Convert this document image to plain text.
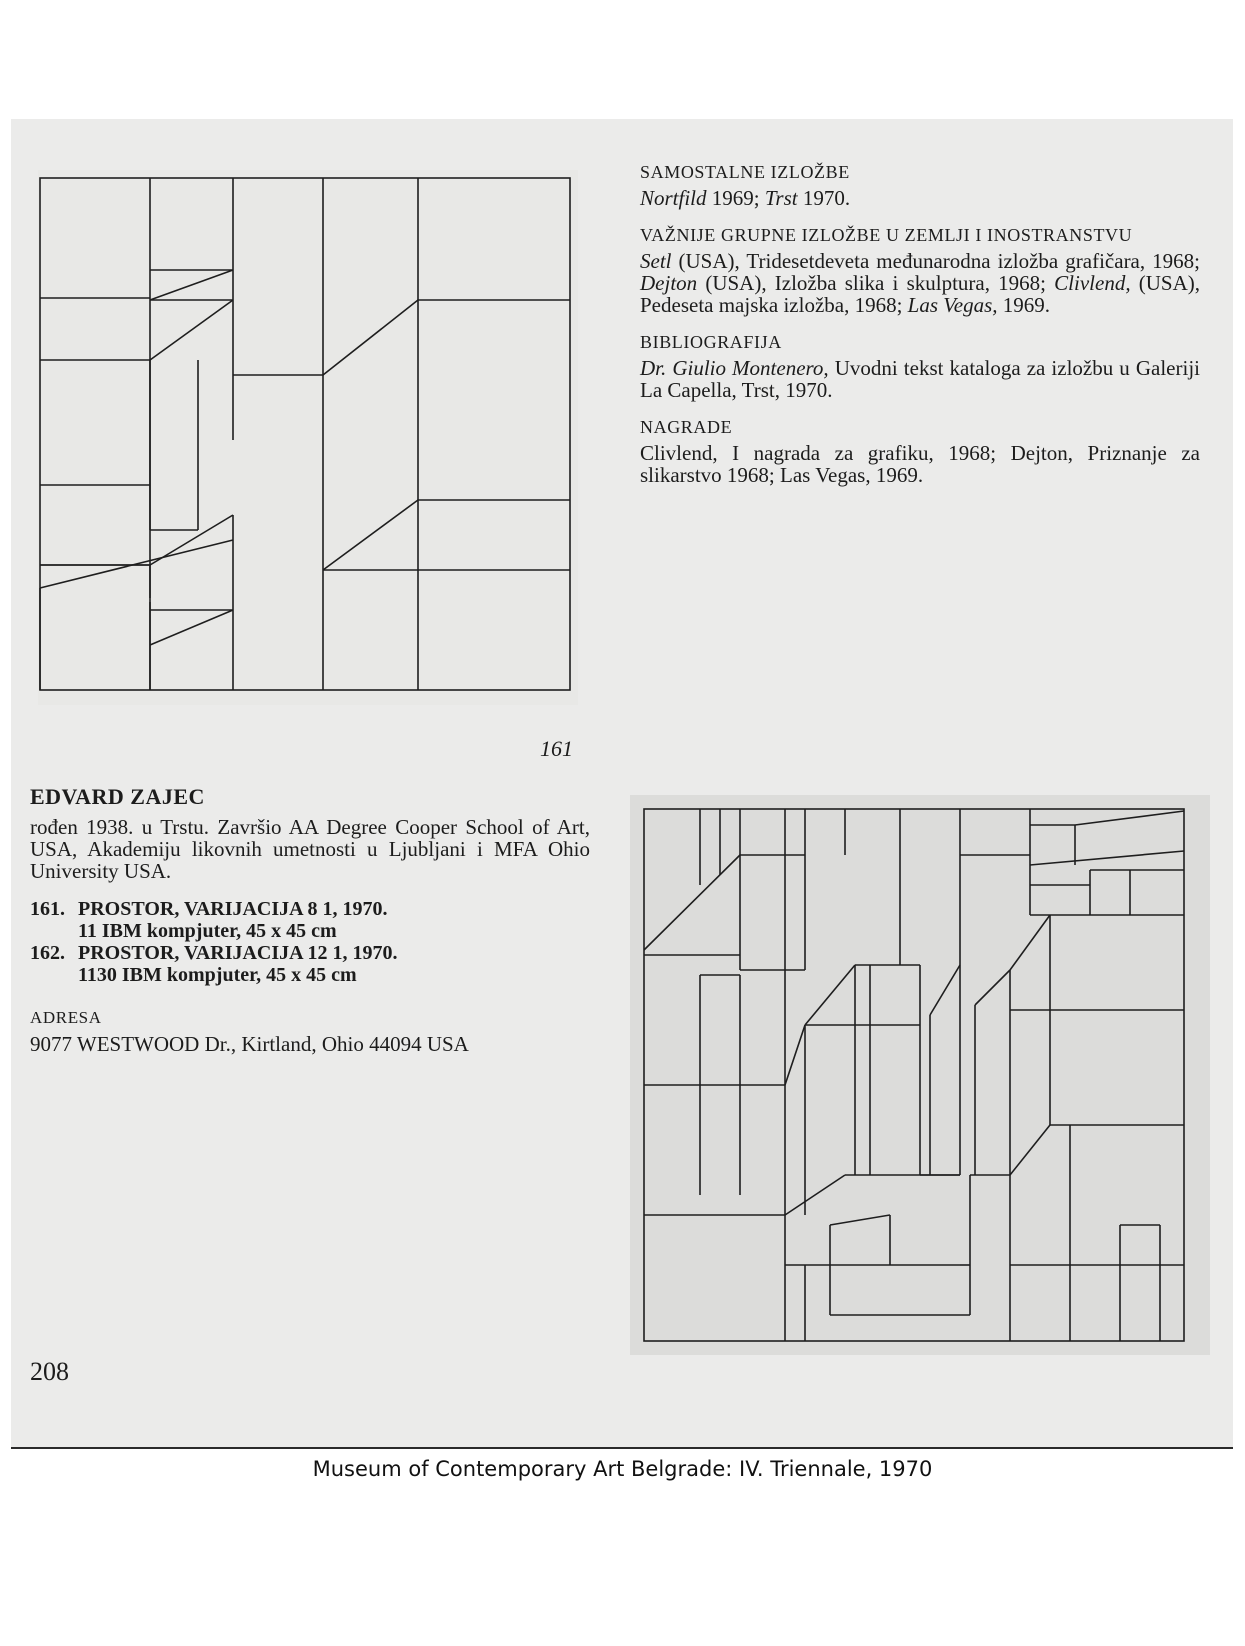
161

SAMOSTALNE IZLOŽBE

Nortfild 1969; Trst 1970.

VAŽNIJE GRUPNE IZLOŽBE U ZEMLJI I INOSTRANSTVU

Setl (USA), Tridesetdeveta međunarodna izložba grafičara, 1968; Dejton (USA), Izložba slika i skulptura, 1968; Clivlend, (USA), Pedeseta majska izložba, 1968; Las Vegas, 1969.

BIBLIOGRAFIJA

Dr. Giulio Montenero, Uvodni tekst kataloga za izložbu u Galeriji La Capella, Trst, 1970.

NAGRADE

Clivlend, I nagrada za grafiku, 1968; Dejton, Priznanje za slikarstvo 1968; Las Vegas, 1969.

EDVARD ZAJEC

rođen 1938. u Trstu. Završio AA Degree Cooper School of Art, USA, Akademiju likovnih umetnosti u Ljubljani i MFA Ohio University USA.

161. PROSTOR, VARIJACIJA 8 1, 1970.
11 IBM kompjuter, 45 x 45 cm
162. PROSTOR, VARIJACIJA 12 1, 1970.
1130 IBM kompjuter, 45 x 45 cm

ADRESA

9077 WESTWOOD Dr., Kirtland, Ohio 44094 USA

208
Museum of Contemporary Art Belgrade: IV. Triennale, 1970
